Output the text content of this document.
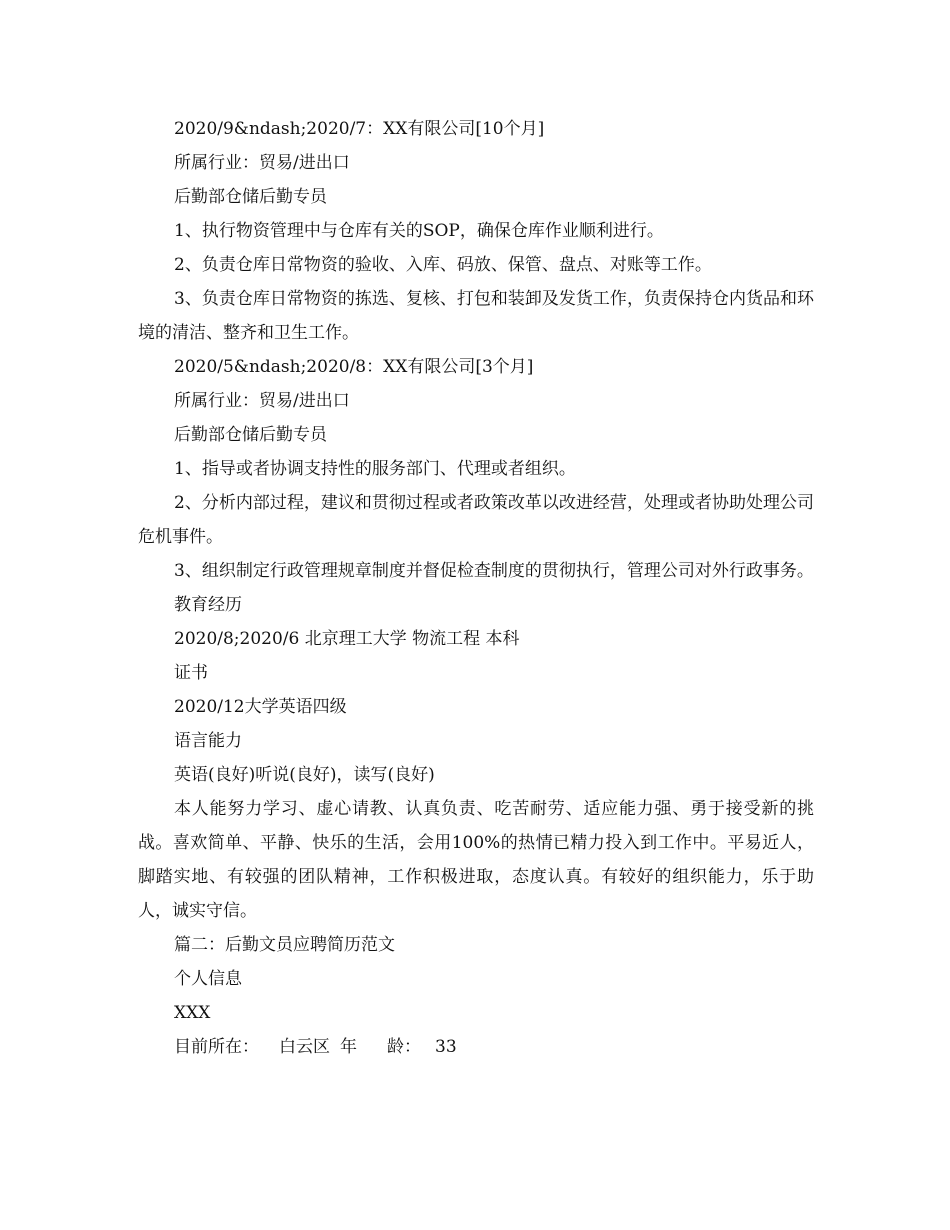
2020/9&ndash;2020/7：XX有限公司[10个月]

所属行业：贸易/进出口

后勤部仓储后勤专员

1、执行物资管理中与仓库有关的SOP，确保仓库作业顺利进行。

2、负责仓库日常物资的验收、入库、码放、保管、盘点、对账等工作。

3、负责仓库日常物资的拣选、复核、打包和装卸及发货工作，负责保持仓内货品和环境的清洁、整齐和卫生工作。

2020/5&ndash;2020/8：XX有限公司[3个月]

所属行业：贸易/进出口

后勤部仓储后勤专员

1、指导或者协调支持性的服务部门、代理或者组织。

2、分析内部过程，建议和贯彻过程或者政策改革以改进经营，处理或者协助处理公司危机事件。

3、组织制定行政管理规章制度并督促检查制度的贯彻执行，管理公司对外行政事务。

教育经历

2020/8;2020/6 北京理工大学 物流工程 本科

证书

2020/12大学英语四级

语言能力

英语(良好)听说(良好)，读写(良好)

本人能努力学习、虚心请教、认真负责、吃苦耐劳、适应能力强、勇于接受新的挑战。喜欢简单、平静、快乐的生活，会用100%的热情已精力投入到工作中。平易近人，脚踏实地、有较强的团队精神，工作积极进取，态度认真。有较好的组织能力，乐于助人，诚实守信。

篇二：后勤文员应聘简历范文

个人信息

XXX

目前所在： 白云区 年 龄： 33
